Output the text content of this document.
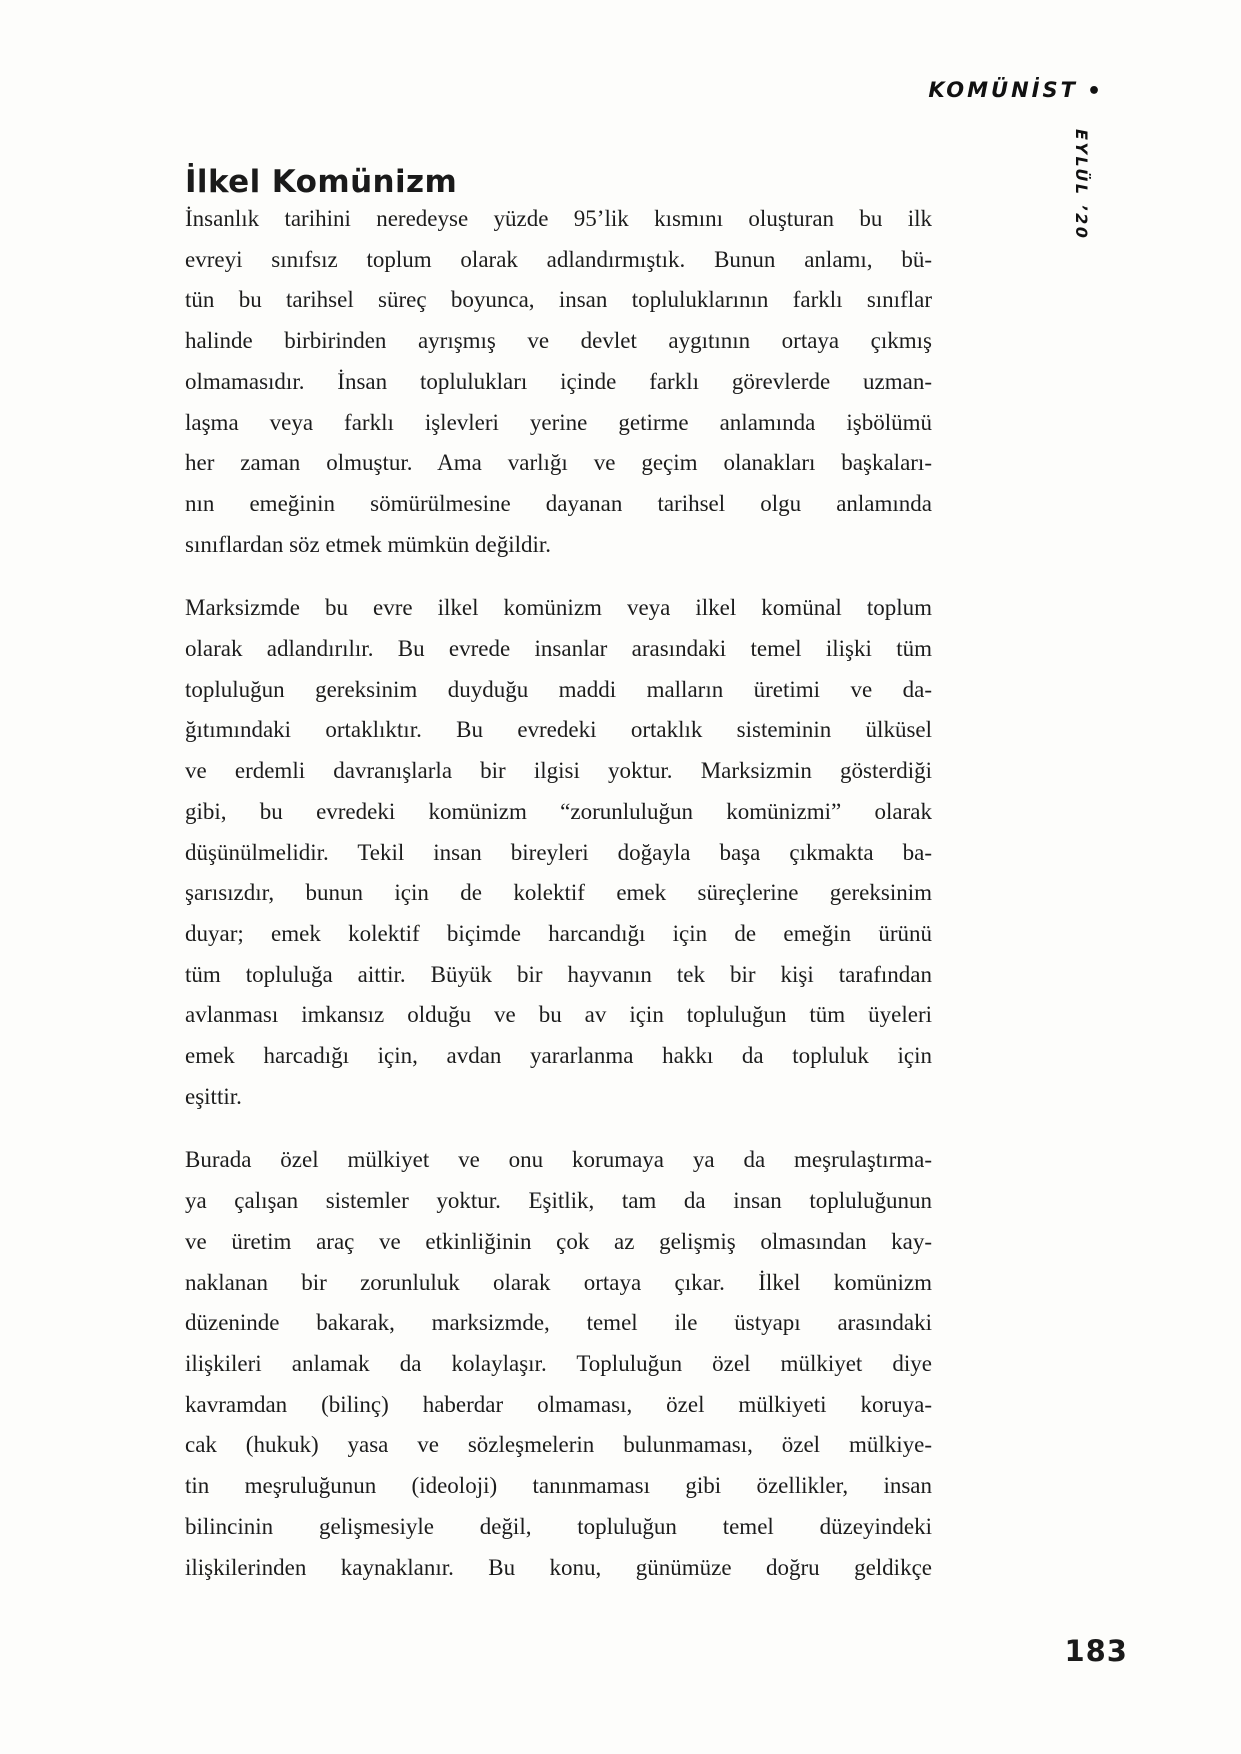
KOMÜNİST •
EYLÜL ’20
İlkel Komünizm
İnsanlık tarihini neredeyse yüzde 95’lik kısmını oluşturan bu ilk
evreyi sınıfsız toplum olarak adlandırmıştık. Bunun anlamı, bü-
tün bu tarihsel süreç boyunca, insan topluluklarının farklı sınıflar
halinde birbirinden ayrışmış ve devlet aygıtının ortaya çıkmış
olmamasıdır. İnsan toplulukları içinde farklı görevlerde uzman-
laşma veya farklı işlevleri yerine getirme anlamında işbölümü
her zaman olmuştur. Ama varlığı ve geçim olanakları başkaları-
nın emeğinin sömürülmesine dayanan tarihsel olgu anlamında
sınıflardan söz etmek mümkün değildir.
Marksizmde bu evre ilkel komünizm veya ilkel komünal toplum
olarak adlandırılır. Bu evrede insanlar arasındaki temel ilişki tüm
topluluğun gereksinim duyduğu maddi malların üretimi ve da-
ğıtımındaki ortaklıktır. Bu evredeki ortaklık sisteminin ülküsel
ve erdemli davranışlarla bir ilgisi yoktur. Marksizmin gösterdiği
gibi, bu evredeki komünizm “zorunluluğun komünizmi” olarak
düşünülmelidir. Tekil insan bireyleri doğayla başa çıkmakta ba-
şarısızdır, bunun için de kolektif emek süreçlerine gereksinim
duyar; emek kolektif biçimde harcandığı için de emeğin ürünü
tüm topluluğa aittir. Büyük bir hayvanın tek bir kişi tarafından
avlanması imkansız olduğu ve bu av için topluluğun tüm üyeleri
emek harcadığı için, avdan yararlanma hakkı da topluluk için
eşittir.
Burada özel mülkiyet ve onu korumaya ya da meşrulaştırma-
ya çalışan sistemler yoktur. Eşitlik, tam da insan topluluğunun
ve üretim araç ve etkinliğinin çok az gelişmiş olmasından kay-
naklanan bir zorunluluk olarak ortaya çıkar. İlkel komünizm
düzeninde bakarak, marksizmde, temel ile üstyapı arasındaki
ilişkileri anlamak da kolaylaşır. Topluluğun özel mülkiyet diye
kavramdan (bilinç) haberdar olmaması, özel mülkiyeti koruya-
cak (hukuk) yasa ve sözleşmelerin bulunmaması, özel mülkiye-
tin meşruluğunun (ideoloji) tanınmaması gibi özellikler, insan
bilincinin gelişmesiyle değil, topluluğun temel düzeyindeki
ilişkilerinden kaynaklanır. Bu konu, günümüze doğru geldikçe
183
